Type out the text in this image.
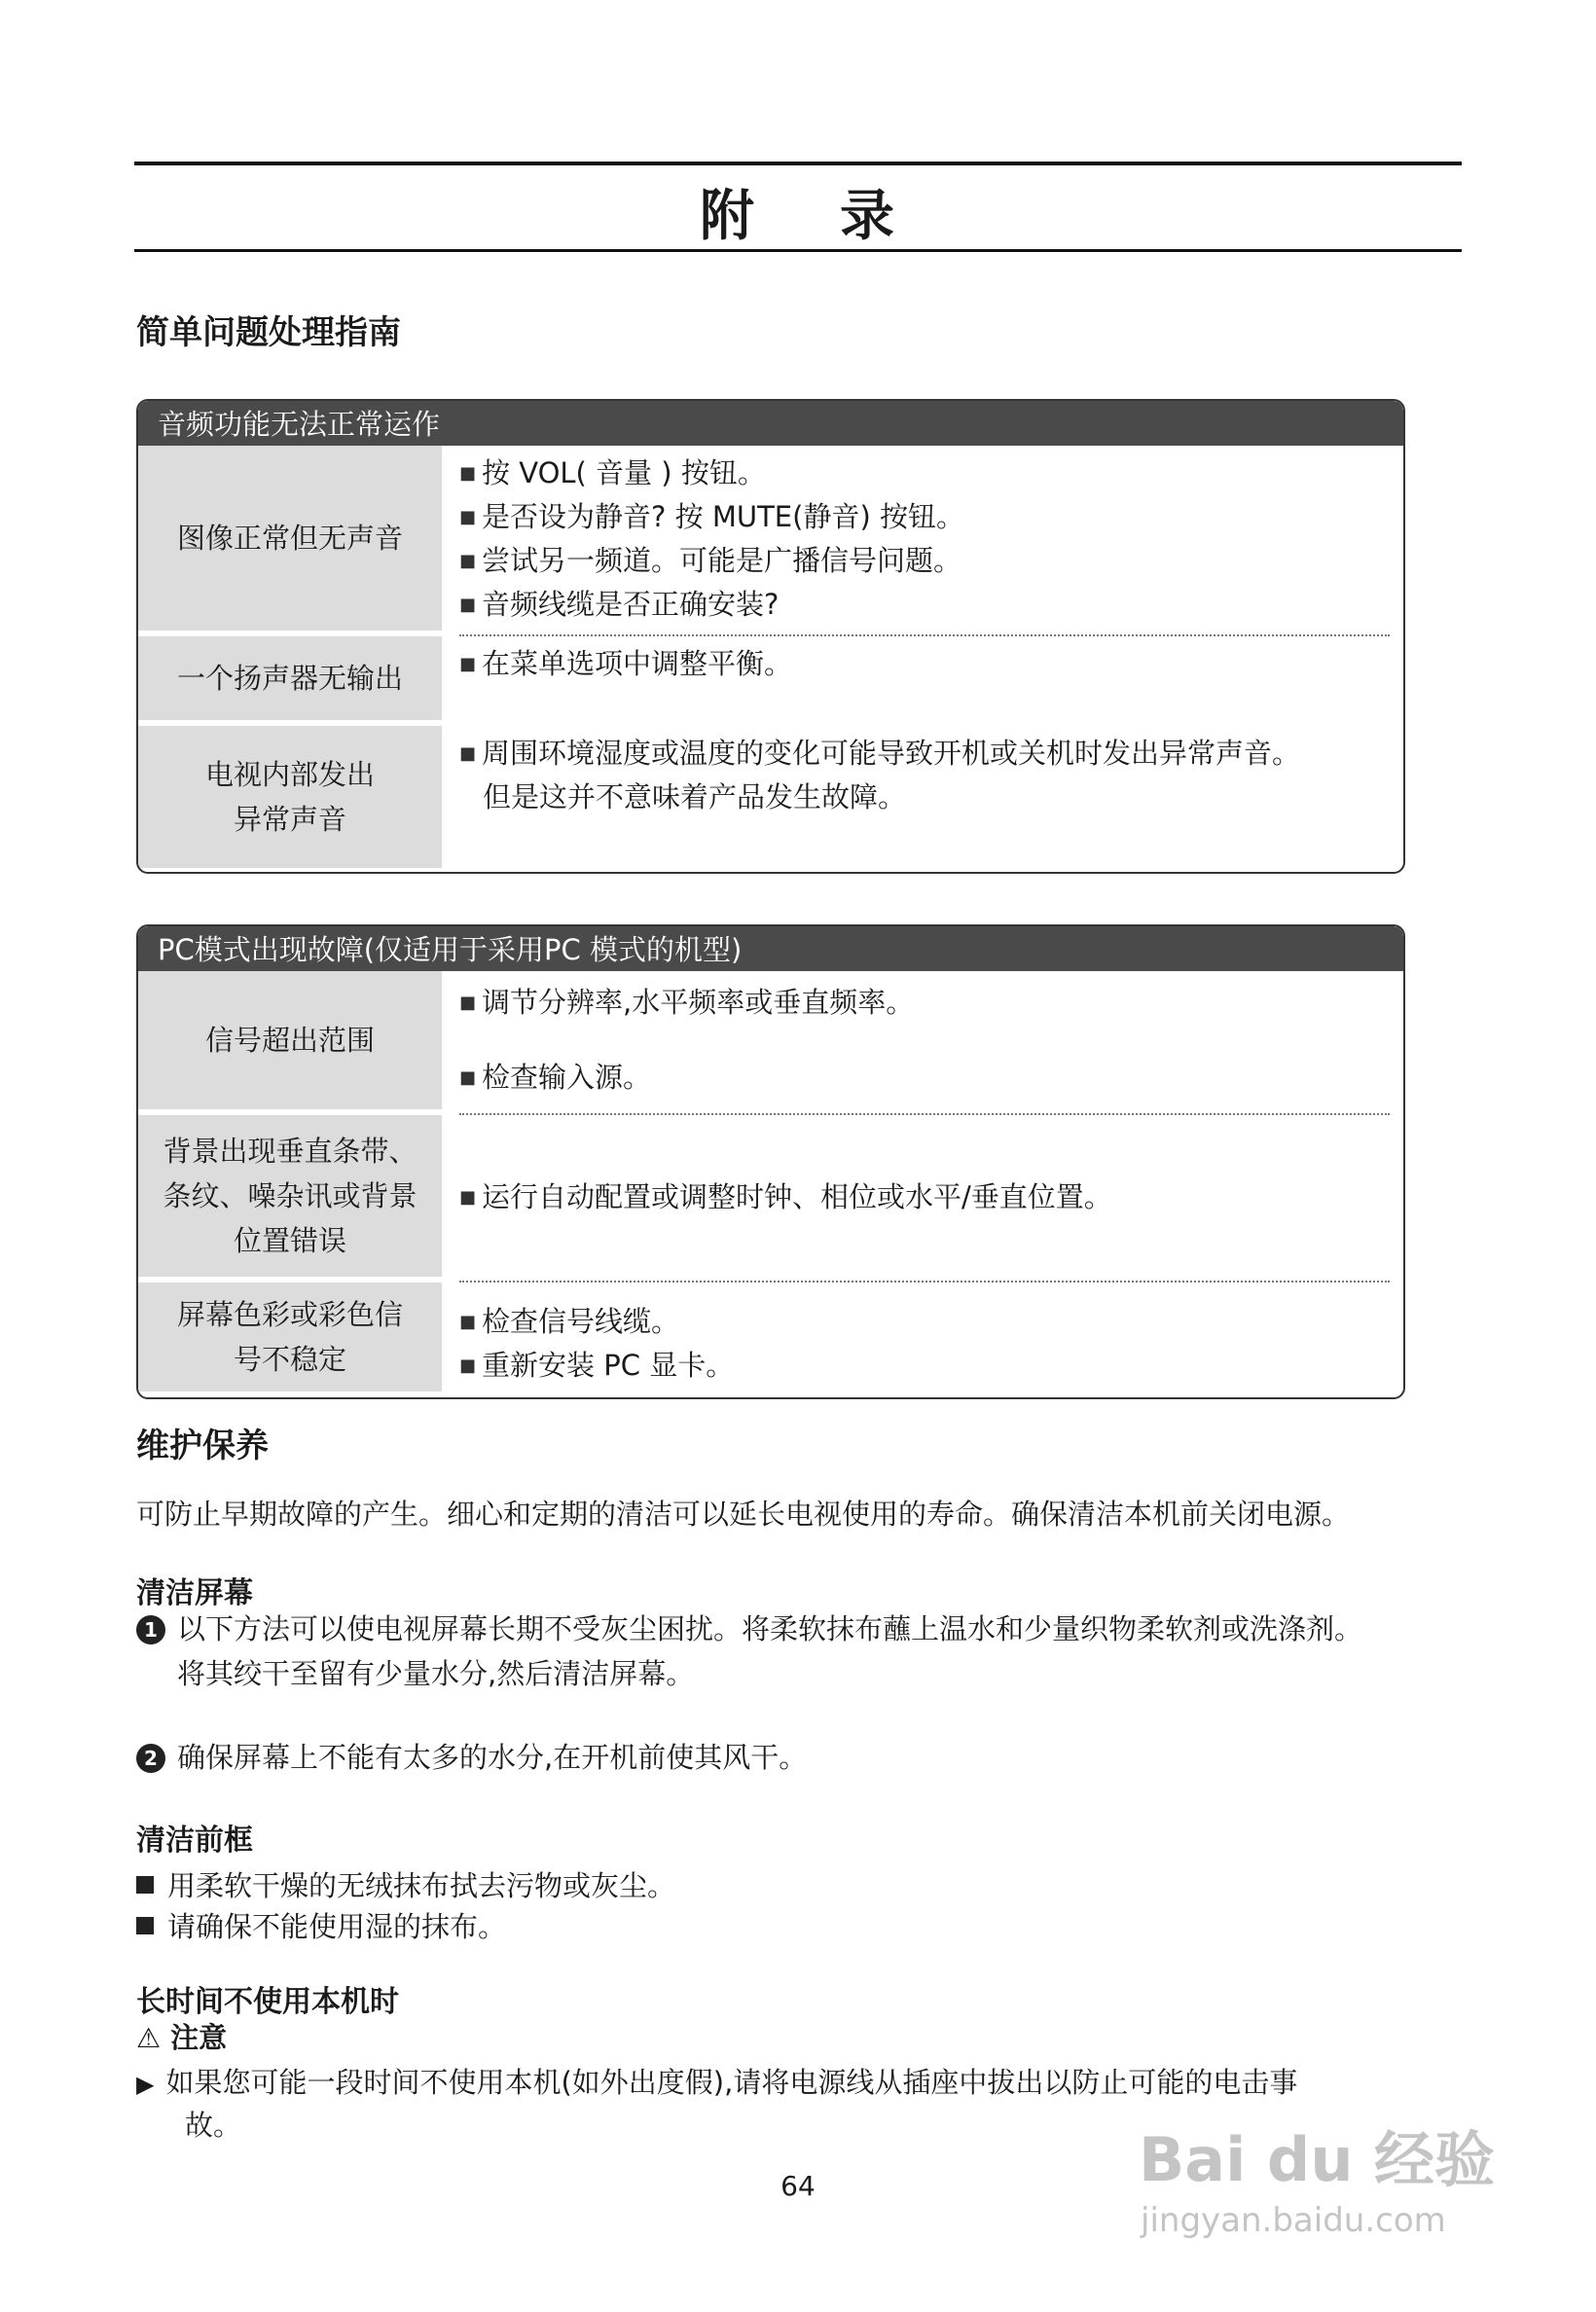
附    录
简单问题处理指南
音频功能无法正常运作
图像正常但无声音
■ 按 VOL( 音量 ) 按钮。
■ 是否设为静音? 按 MUTE(静音) 按钮。
■ 尝试另一频道。可能是广播信号问题。
■ 音频线缆是否正确安装?
一个扬声器无输出
■	在菜单选项中调整平衡。
电视内部发出
异常声音
■ 周围环境湿度或温度的变化可能导致开机或关机时发出异常声音。
但是这并不意味着产品发生故障。
PC模式出现故障(仅适用于采用PC 模式的机型)
信号超出范围
■ 调节分辨率,水平频率或垂直频率。
■ 检查输入源。
背景出现垂直条带、
条纹、噪杂讯或背景
位置错误
■ 运行自动配置或调整时钟、相位或水平/垂直位置。
屏幕色彩或彩色信
号不稳定
■ 检查信号线缆。
■ 重新安装 PC 显卡。
维护保养
可防止早期故障的产生。细心和定期的清洁可以延长电视使用的寿命。确保清洁本机前关闭电源。
清洁屏幕
1 以下方法可以使电视屏幕长期不受灰尘困扰。将柔软抹布蘸上温水和少量织物柔软剂或洗涤剂。
将其绞干至留有少量水分,然后清洁屏幕。
2 确保屏幕上不能有太多的水分,在开机前使其风干。
清洁前框
用柔软干燥的无绒抹布拭去污物或灰尘。
请确保不能使用湿的抹布。
长时间不使用本机时
⚠ 注意
▶ 如果您可能一段时间不使用本机(如外出度假),请将电源线从插座中拔出以防止可能的电击事
故。
64	Bai du 经验
jingyan.baidu.com
